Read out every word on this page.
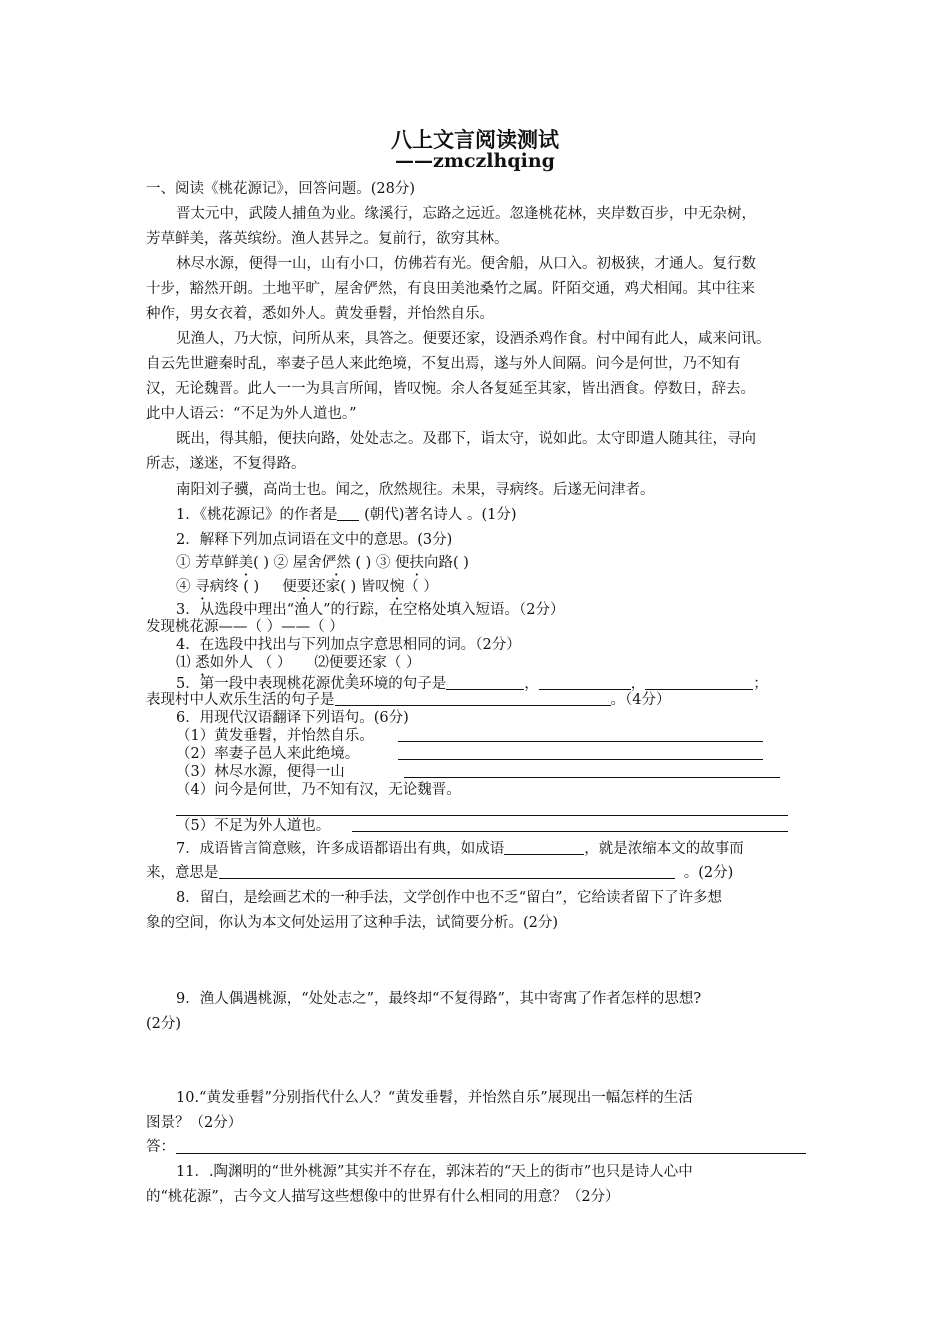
八上文言阅读测试
——zmczlhqing
一、阅读《桃花源记》，回答问题。(28分)
晋太元中，武陵人捕鱼为业。缘溪行，忘路之远近。忽逢桃花林，夹岸数百步，中无杂树，
芳草鲜美，落英缤纷。渔人甚异之。复前行，欲穷其林。
林尽水源，便得一山，山有小口，仿佛若有光。便舍船，从口入。初极狭，才通人。复行数
十步，豁然开朗。土地平旷，屋舍俨然，有良田美池桑竹之属。阡陌交通，鸡犬相闻。其中往来
种作，男女衣着，悉如外人。黄发垂髫，并怡然自乐。
见渔人，乃大惊，问所从来，具答之。便要还家，设酒杀鸡作食。村中闻有此人，咸来问讯。
自云先世避秦时乱，率妻子邑人来此绝境，不复出焉，遂与外人间隔。问今是何世，乃不知有
汉，无论魏晋。此人一一为具言所闻，皆叹惋。余人各复延至其家，皆出酒食。停数日，辞去。
此中人语云：“不足为外人道也。”
既出，得其船，便扶向路，处处志之。及郡下，诣太守，说如此。太守即遣人随其往，寻向
所志，遂迷，不复得路。
南阳刘子骥，高尚士也。闻之，欣然规往。未果，寻病终。后遂无问津者。
1．《桃花源记》的作者是 (朝代)著名诗人 。(1分)
2．解释下列加点词语在文中的意思。(3分)
① 芳草鲜美( ) ② 屋舍俨然 ( ) ③ 便扶向路( )
④ 寻病终 ( ) 便要还家( ) 皆叹惋（ ）
3．从选段中理出“渔人”的行踪，在空格处填入短语。（2分）
发现桃花源——（ ）——（ ）
4．在选段中找出与下列加点字意思相同的词。（2分）
⑴ 悉如外人 （ ） ⑵便要还家（ ）
5．第一段中表现桃花源优美环境的句子是	，	，	；
表现村中人欢乐生活的句子是	。（4分）
6．用现代汉语翻译下列语句。(6分)
（1）黄发垂髫，并怡然自乐。
（2）率妻子邑人来此绝境。
（3）林尽水源，便得一山
（4）问今是何世，乃不知有汉，无论魏晋。
（5）不足为外人道也。
7．成语皆言简意赅，许多成语都语出有典，如成语	，就是浓缩本文的故事而
来，意思是	。(2分)
8．留白，是绘画艺术的一种手法，文学创作中也不乏“留白”，它给读者留下了许多想
象的空间，你认为本文何处运用了这种手法，试简要分析。(2分)
9．渔人偶遇桃源，“处处志之”，最终却“不复得路”，其中寄寓了作者怎样的思想?
(2分)
10.“黄发垂髫”分别指代什么人？“黄发垂髫，并怡然自乐”展现出一幅怎样的生活
图景？（2分）
答：
11．.陶渊明的“世外桃源”其实并不存在，郭沫若的“天上的街市”也只是诗人心中
的“桃花源”，古今文人描写这些想像中的世界有什么相同的用意？（2分）
